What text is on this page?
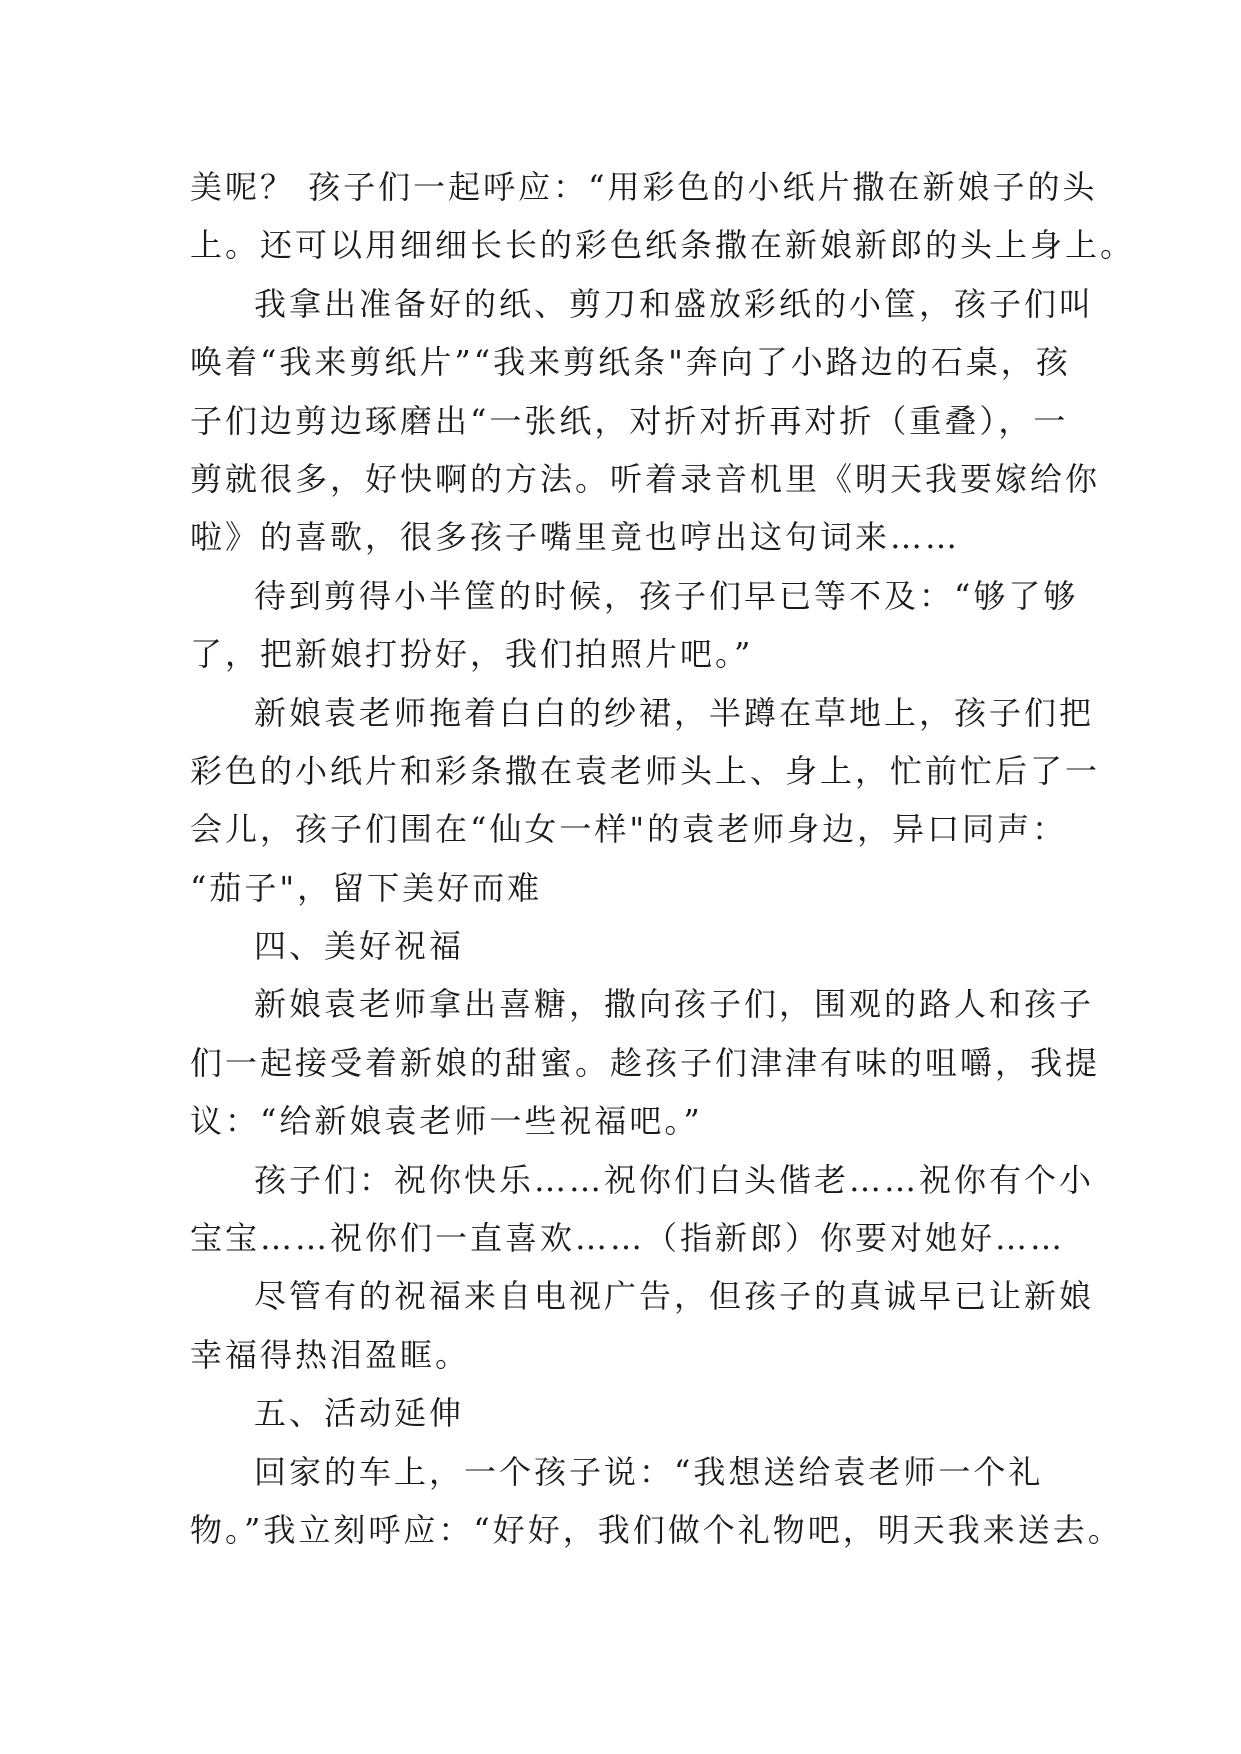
美呢？ 孩子们一起呼应：“用彩色的小纸片撒在新娘子的头
上。还可以用细细长长的彩色纸条撒在新娘新郎的头上身上。
我拿出准备好的纸、剪刀和盛放彩纸的小筐，孩子们叫
唤着“我来剪纸片”“我来剪纸条"奔向了小路边的石桌，孩
子们边剪边琢磨出“一张纸，对折对折再对折（重叠），一
剪就很多，好快啊的方法。听着录音机里《明天我要嫁给你
啦》的喜歌，很多孩子嘴里竟也哼出这句词来……
待到剪得小半筐的时候，孩子们早已等不及：“够了够
了，把新娘打扮好，我们拍照片吧。”
新娘袁老师拖着白白的纱裙，半蹲在草地上，孩子们把
彩色的小纸片和彩条撒在袁老师头上、身上，忙前忙后了一
会儿，孩子们围在“仙女一样"的袁老师身边，异口同声：
“茄子"，留下美好而难
四、美好祝福
新娘袁老师拿出喜糖，撒向孩子们，围观的路人和孩子
们一起接受着新娘的甜蜜。趁孩子们津津有味的咀嚼，我提
议：“给新娘袁老师一些祝福吧。”
孩子们：祝你快乐……祝你们白头偕老……祝你有个小
宝宝……祝你们一直喜欢……（指新郎）你要对她好……
尽管有的祝福来自电视广告，但孩子的真诚早已让新娘
幸福得热泪盈眶。
五、活动延伸
回家的车上，一个孩子说：“我想送给袁老师一个礼
物。”我立刻呼应：“好好，我们做个礼物吧，明天我来送去。
